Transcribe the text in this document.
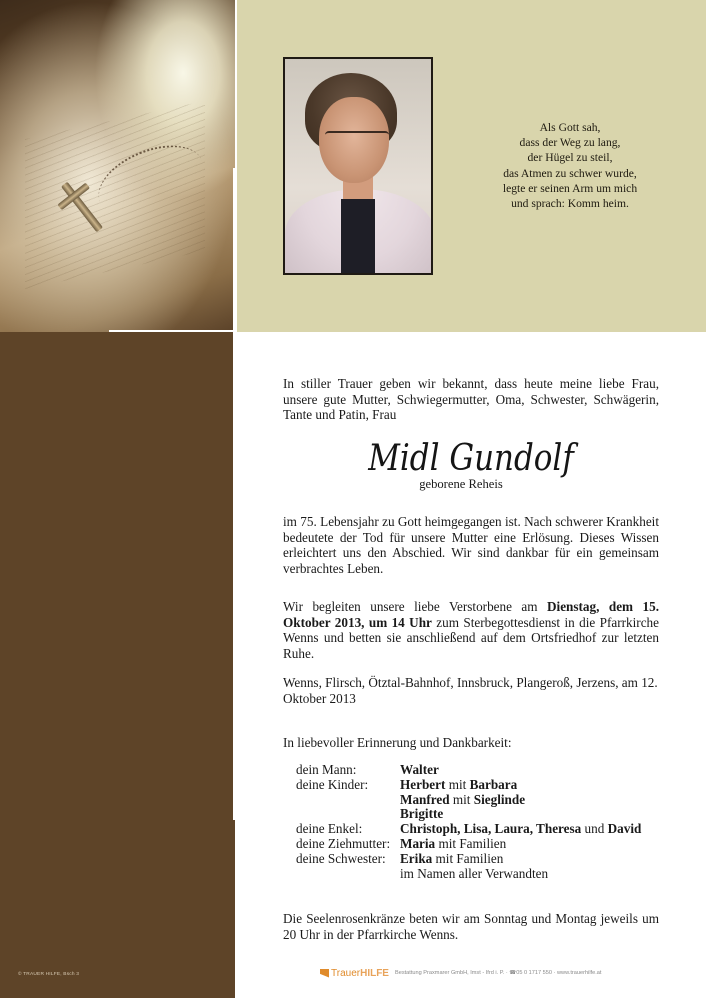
Als Gott sah,
dass der Weg zu lang,
der Hügel zu steil,
das Atmen zu schwer wurde,
legte er seinen Arm um mich
und sprach: Komm heim.
In stiller Trauer geben wir bekannt, dass heute meine liebe Frau, unsere gute Mutter, Schwiegermutter, Oma, Schwester, Schwägerin, Tante und Patin, Frau
Midl Gundolf
geborene Reheis
im 75. Lebensjahr zu Gott heimgegangen ist. Nach schwerer Krankheit bedeutete der Tod für unsere Mutter eine Erlösung. Dieses Wissen erleichtert uns den Abschied. Wir sind dankbar für ein gemeinsam verbrachtes Leben.
Wir begleiten unsere liebe Verstorbene am Dienstag, dem 15. Oktober 2013, um 14 Uhr zum Sterbegottesdienst in die Pfarrkirche Wenns und betten sie anschließend auf dem Ortsfriedhof zur letzten Ruhe.
Wenns, Flirsch, Ötztal-Bahnhof, Innsbruck, Plangeroß, Jerzens, am 12. Oktober 2013
In liebevoller Erinnerung und Dankbarkeit:
dein Mann:	Walter
deine Kinder:	Herbert mit Barbara
Manfred mit Sieglinde
Brigitte
deine Enkel:	Christoph, Lisa, Laura, Theresa und David
deine Ziehmutter: Maria mit Familien
deine Schwester:	Erika mit Familien
im Namen aller Verwandten
Die Seelenrosenkränze beten wir am Sonntag und Montag jeweils um 20 Uhr in der Pfarrkirche Wenns.
© TRAUER HILFE, Bsch 3	Trauer HILFE Bestattung Praxmarer GmbH, Imst - Ifrd i. P. · ☎05 0 1717 550 · www.trauerhilfe.at
